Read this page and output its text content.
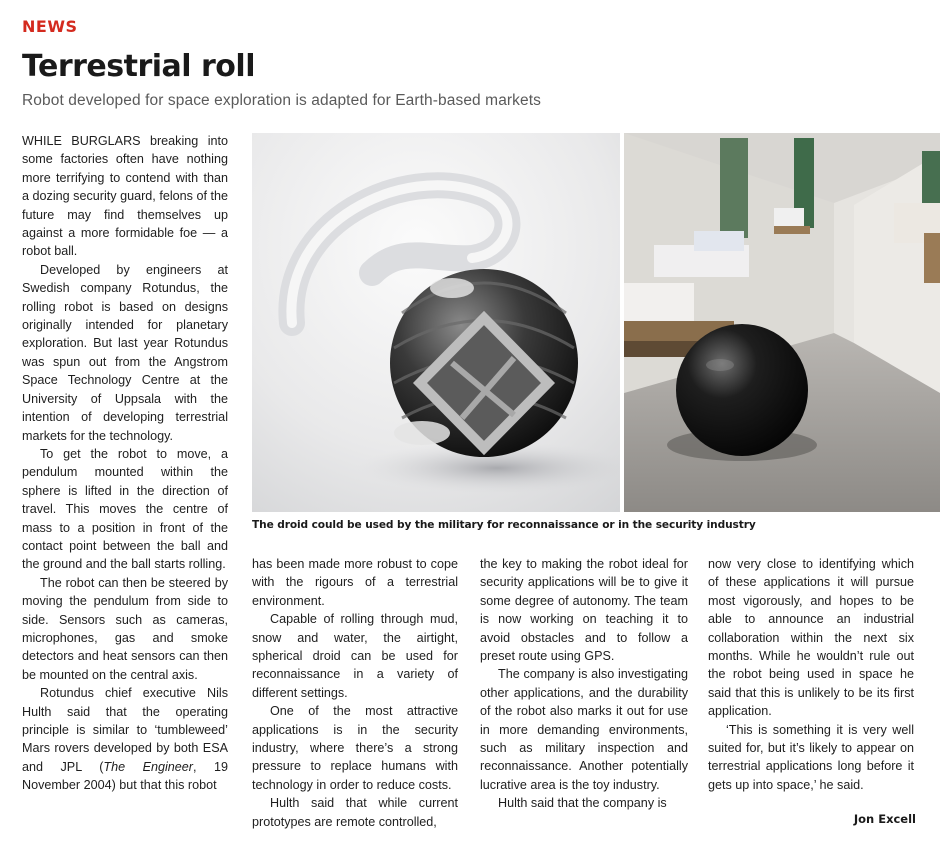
NEWS
Terrestrial roll

Robot developed for space exploration is adapted for Earth-based markets

WHILE BURGLARS breaking into some factories often have nothing more terrifying to contend with than a dozing security guard, felons of the future may find themselves up against a more formidable foe — a robot ball.

Developed by engineers at Swedish company Rotundus, the rolling robot is based on designs originally intended for planetary exploration. But last year Rotundus was spun out from the Angstrom Space Technology Centre at the University of Uppsala with the intention of developing terrestrial markets for the technology.

To get the robot to move, a pendulum mounted within the sphere is lifted in the direction of travel. This moves the centre of mass to a position in front of the contact point between the ball and the ground and the ball starts rolling.

The robot can then be steered by moving the pendulum from side to side. Sensors such as cameras, microphones, gas and smoke detectors and heat sensors can then be mounted on the central axis.

Rotundus chief executive Nils Hulth said that the operating principle is similar to ‘tumbleweed’ Mars rovers developed by both ESA and JPL (The Engineer, 19 November 2004) but that this robot

The droid could be used by the military for reconnaissance or in the security industry

has been made more robust to cope with the rigours of a terrestrial environment.

Capable of rolling through mud, snow and water, the airtight, spherical droid can be used for reconnaissance in a variety of different settings.

One of the most attractive applications is in the security industry, where there’s a strong pressure to replace humans with technology in order to reduce costs.

Hulth said that while current prototypes are remote controlled,

the key to making the robot ideal for security applications will be to give it some degree of autonomy. The team is now working on teaching it to avoid obstacles and to follow a preset route using GPS.

The company is also investigating other applications, and the durability of the robot also marks it out for use in more demanding environments, such as military inspection and reconnaissance. Another potentially lucrative area is the toy industry.

Hulth said that the company is

now very close to identifying which of these applications it will pursue most vigorously, and hopes to be able to announce an industrial collaboration within the next six months. While he wouldn’t rule out the robot being used in space he said that this is unlikely to be its first application.

‘This is something it is very well suited for, but it’s likely to appear on terrestrial applications long before it gets up into space,’ he said.

Jon Excell
